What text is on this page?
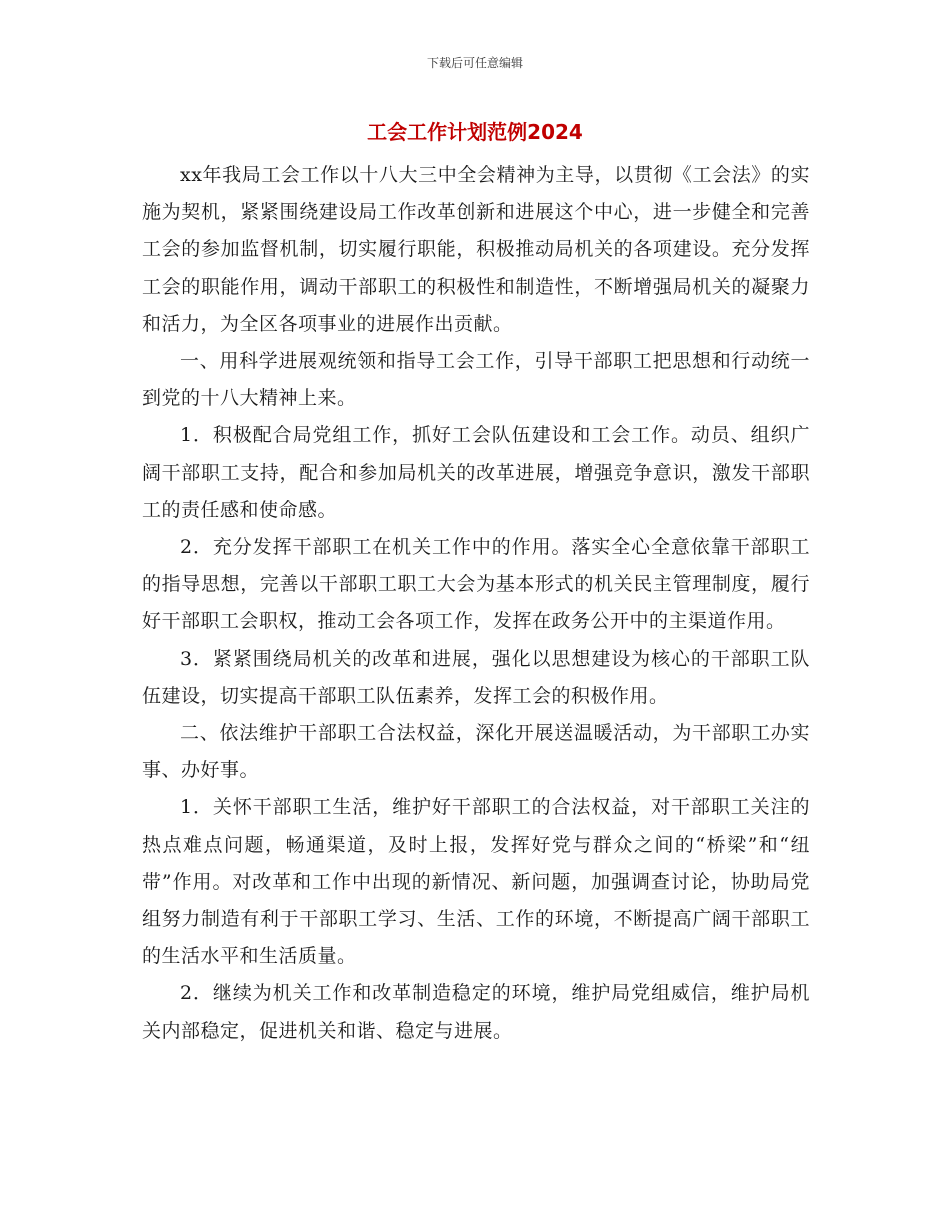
下载后可任意编辑
工会工作计划范例2024

xx年我局工会工作以十八大三中全会精神为主导，以贯彻《工会法》的实施为契机，紧紧围绕建设局工作改革创新和进展这个中心，进一步健全和完善工会的参加监督机制，切实履行职能，积极推动局机关的各项建设。充分发挥工会的职能作用，调动干部职工的积极性和制造性，不断增强局机关的凝聚力和活力，为全区各项事业的进展作出贡献。

一、用科学进展观统领和指导工会工作，引导干部职工把思想和行动统一到党的十八大精神上来。

1．积极配合局党组工作，抓好工会队伍建设和工会工作。动员、组织广阔干部职工支持，配合和参加局机关的改革进展，增强竞争意识，激发干部职工的责任感和使命感。

2．充分发挥干部职工在机关工作中的作用。落实全心全意依靠干部职工的指导思想，完善以干部职工职工大会为基本形式的机关民主管理制度，履行好干部职工会职权，推动工会各项工作，发挥在政务公开中的主渠道作用。

3．紧紧围绕局机关的改革和进展，强化以思想建设为核心的干部职工队伍建设，切实提高干部职工队伍素养，发挥工会的积极作用。

二、依法维护干部职工合法权益，深化开展送温暖活动，为干部职工办实事、办好事。

1．关怀干部职工生活，维护好干部职工的合法权益，对干部职工关注的热点难点问题，畅通渠道，及时上报，发挥好党与群众之间的“桥梁”和“纽带”作用。对改革和工作中出现的新情况、新问题，加强调查讨论，协助局党组努力制造有利于干部职工学习、生活、工作的环境，不断提高广阔干部职工的生活水平和生活质量。

2．继续为机关工作和改革制造稳定的环境，维护局党组威信，维护局机关内部稳定，促进机关和谐、稳定与进展。
